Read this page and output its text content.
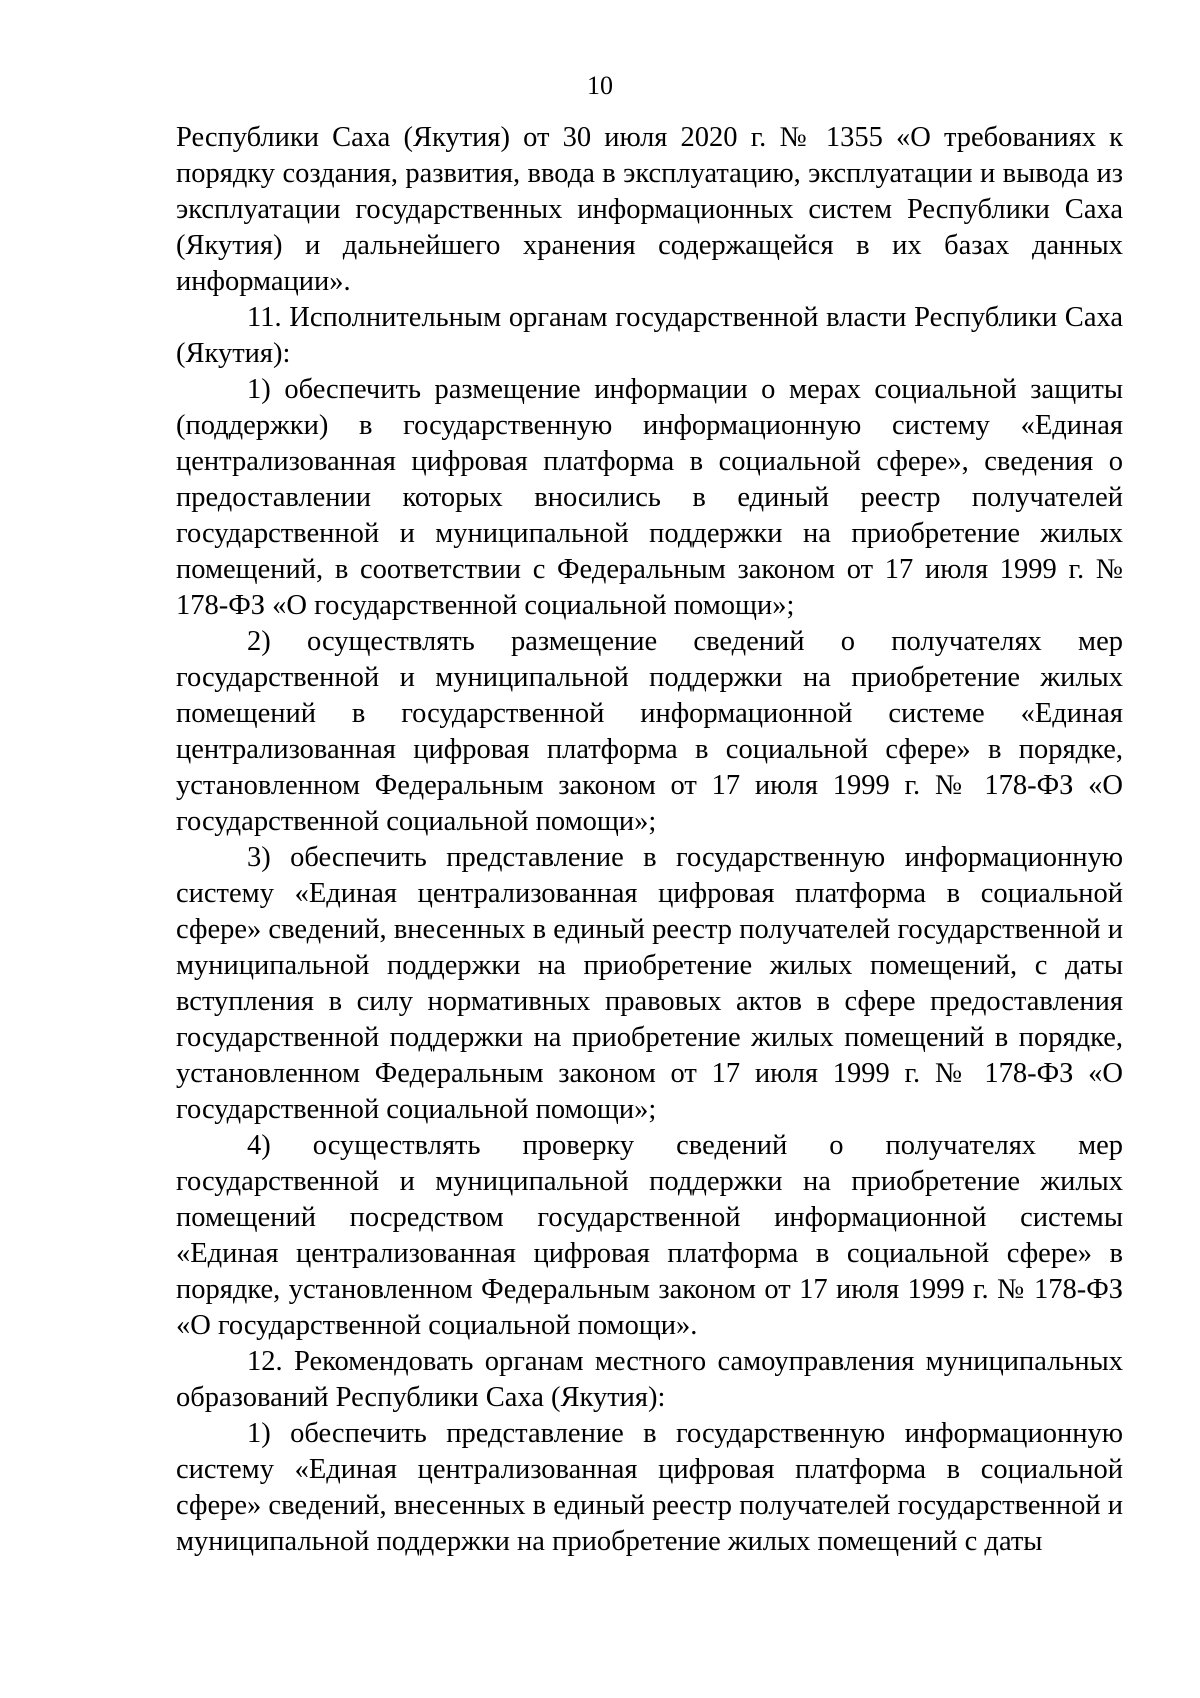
10

Республики Саха (Якутия) от 30 июля 2020 г. № 1355 «О требованиях к порядку создания, развития, ввода в эксплуатацию, эксплуатации и вывода из эксплуатации государственных информационных систем Республики Саха (Якутия) и дальнейшего хранения содержащейся в их базах данных информации».

11. Исполнительным органам государственной власти Республики Саха (Якутия):

1) обеспечить размещение информации о мерах социальной защиты (поддержки) в государственную информационную систему «Единая централизованная цифровая платформа в социальной сфере», сведения о предоставлении которых вносились в единый реестр получателей государственной и муниципальной поддержки на приобретение жилых помещений, в соответствии с Федеральным законом от 17 июля 1999 г. № 178-ФЗ «О государственной социальной помощи»;

2) осуществлять размещение сведений о получателях мер государственной и муниципальной поддержки на приобретение жилых помещений в государственной информационной системе «Единая централизованная цифровая платформа в социальной сфере» в порядке, установленном Федеральным законом от 17 июля 1999 г. № 178-ФЗ «О государственной социальной помощи»;

3) обеспечить представление в государственную информационную систему «Единая централизованная цифровая платформа в социальной сфере» сведений, внесенных в единый реестр получателей государственной и муниципальной поддержки на приобретение жилых помещений, с даты вступления в силу нормативных правовых актов в сфере предоставления государственной поддержки на приобретение жилых помещений в порядке, установленном Федеральным законом от 17 июля 1999 г. № 178-ФЗ «О государственной социальной помощи»;

4) осуществлять проверку сведений о получателях мер государственной и муниципальной поддержки на приобретение жилых помещений посредством государственной информационной системы «Единая централизованная цифровая платформа в социальной сфере» в порядке, установленном Федеральным законом от 17 июля 1999 г. № 178-ФЗ «О государственной социальной помощи».

12. Рекомендовать органам местного самоуправления муниципальных образований Республики Саха (Якутия):

1) обеспечить представление в государственную информационную систему «Единая централизованная цифровая платформа в социальной сфере» сведений, внесенных в единый реестр получателей государственной и муниципальной поддержки на приобретение жилых помещений с даты
